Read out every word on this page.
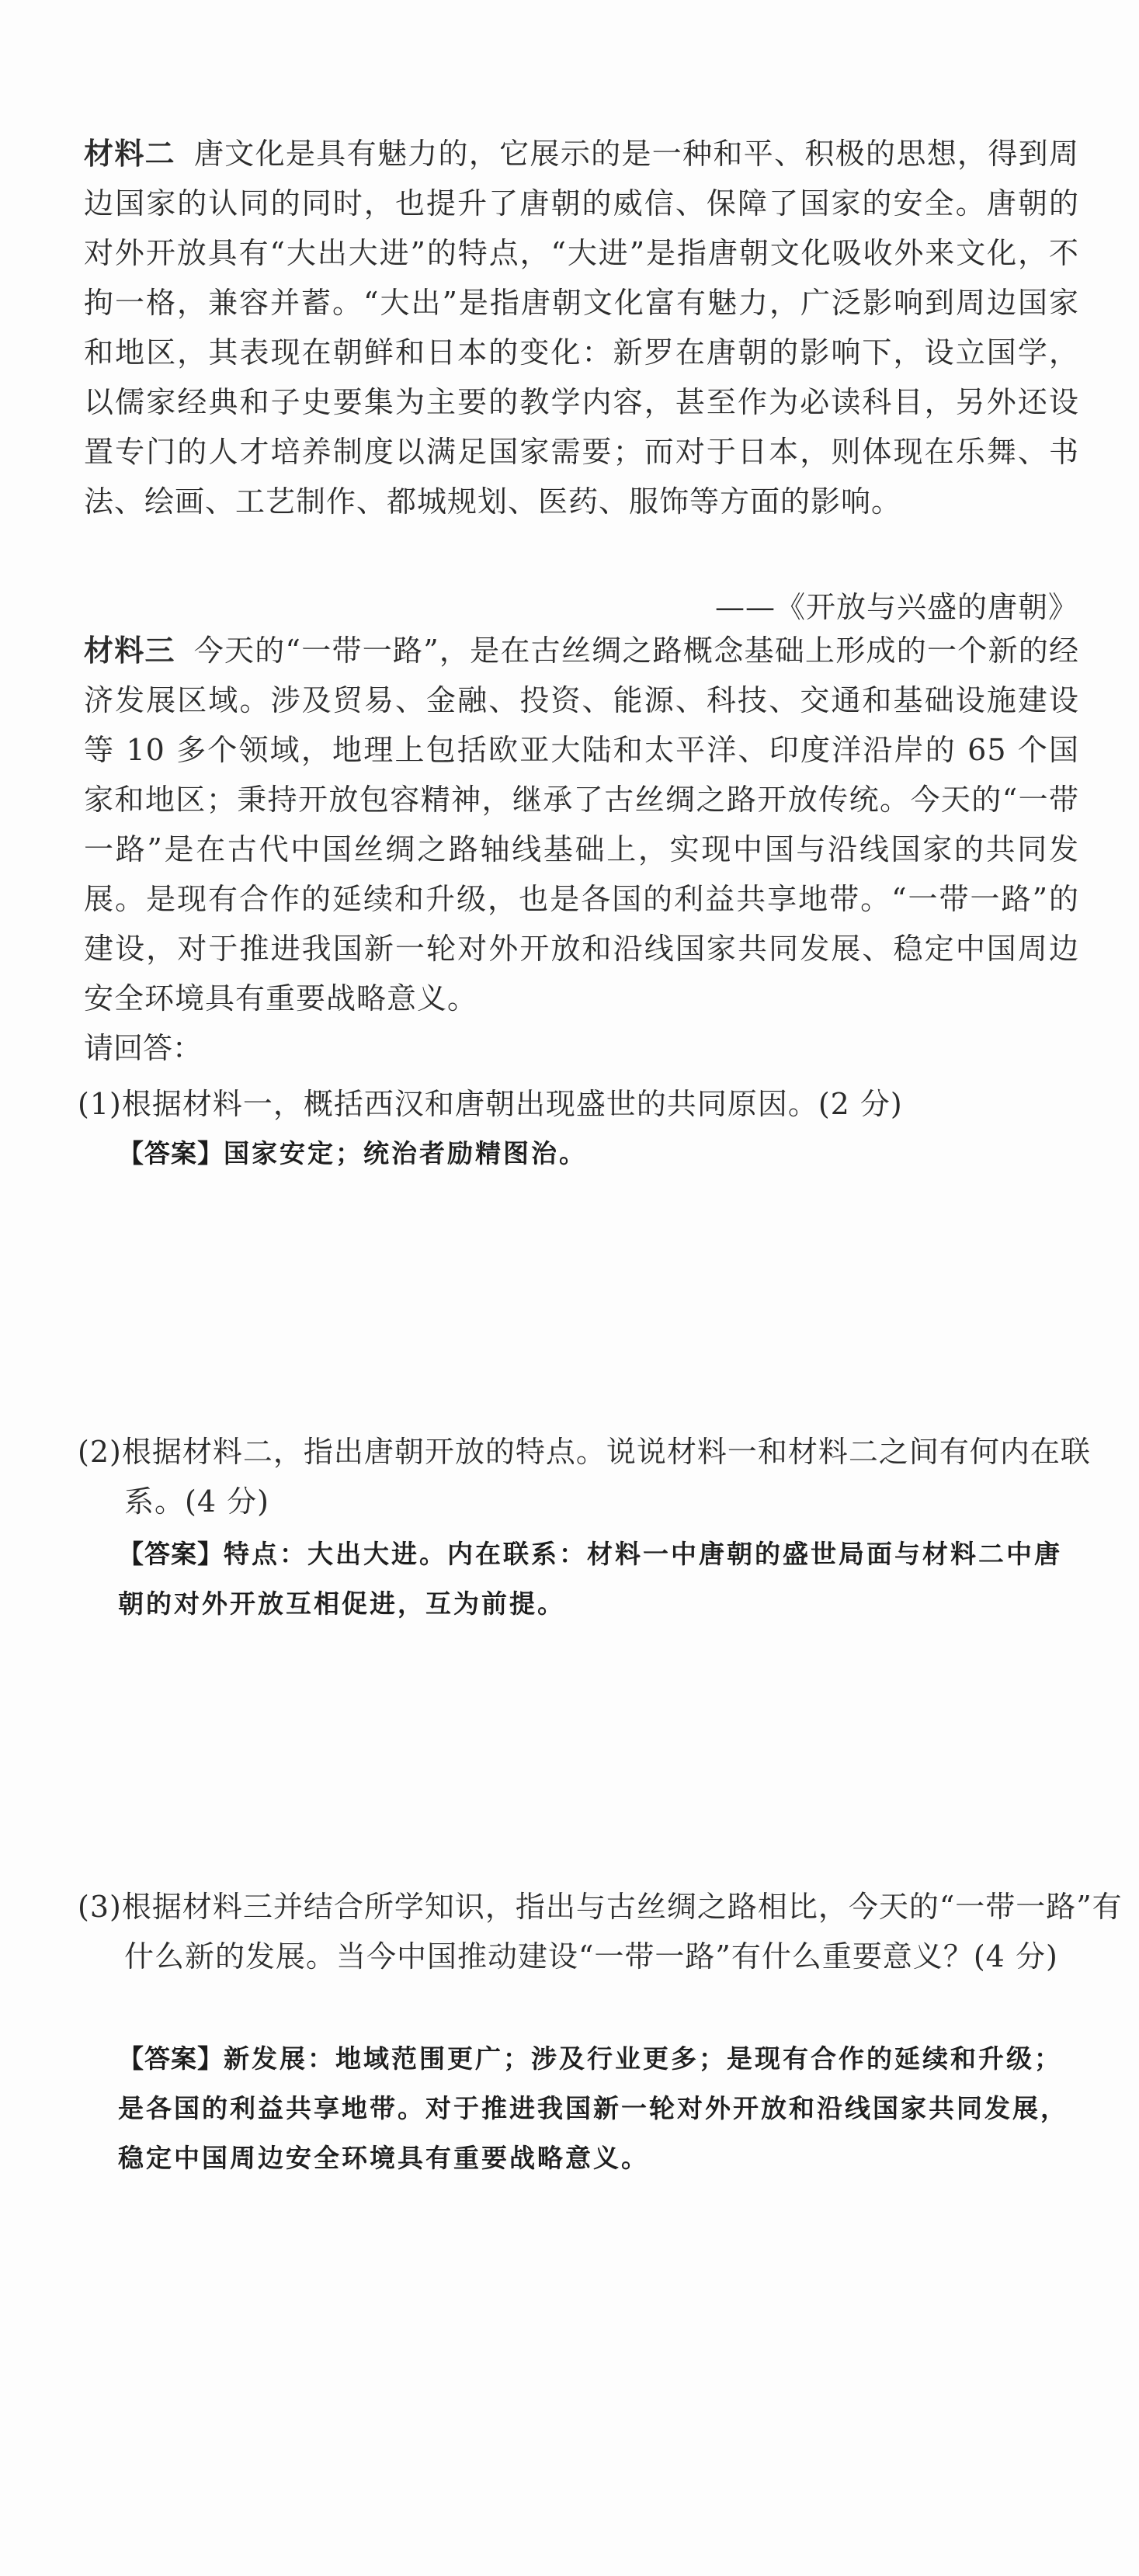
材料二 唐文化是具有魅力的，它展示的是一种和平、积极的思想，得到周边国家的认同的同时，也提升了唐朝的威信、保障了国家的安全。唐朝的对外开放具有“大出大进”的特点，“大进”是指唐朝文化吸收外来文化，不拘一格，兼容并蓄。“大出”是指唐朝文化富有魅力，广泛影响到周边国家和地区，其表现在朝鲜和日本的变化：新罗在唐朝的影响下，设立国学，以儒家经典和子史要集为主要的教学内容，甚至作为必读科目，另外还设置专门的人才培养制度以满足国家需要；而对于日本，则体现在乐舞、书法、绘画、工艺制作、都城规划、医药、服饰等方面的影响。
——《开放与兴盛的唐朝》
材料三 今天的“一带一路”，是在古丝绸之路概念基础上形成的一个新的经济发展区域。涉及贸易、金融、投资、能源、科技、交通和基础设施建设等 10 多个领域，地理上包括欧亚大陆和太平洋、印度洋沿岸的 65 个国家和地区；秉持开放包容精神，继承了古丝绸之路开放传统。今天的“一带一路”是在古代中国丝绸之路轴线基础上，实现中国与沿线国家的共同发展。是现有合作的延续和升级，也是各国的利益共享地带。“一带一路”的建设，对于推进我国新一轮对外开放和沿线国家共同发展、稳定中国周边安全环境具有重要战略意义。
请回答：
(1)根据材料一，概括西汉和唐朝出现盛世的共同原因。(2 分)
【答案】国家安定；统治者励精图治。
(2)根据材料二，指出唐朝开放的特点。说说材料一和材料二之间有何内在联系。(4 分)
【答案】特点：大出大进。内在联系：材料一中唐朝的盛世局面与材料二中唐朝的对外开放互相促进，互为前提。
(3)根据材料三并结合所学知识，指出与古丝绸之路相比，今天的“一带一路”有什么新的发展。当今中国推动建设“一带一路”有什么重要意义？(4 分)
【答案】新发展：地域范围更广；涉及行业更多；是现有合作的延续和升级；是各国的利益共享地带。对于推进我国新一轮对外开放和沿线国家共同发展，稳定中国周边安全环境具有重要战略意义。
